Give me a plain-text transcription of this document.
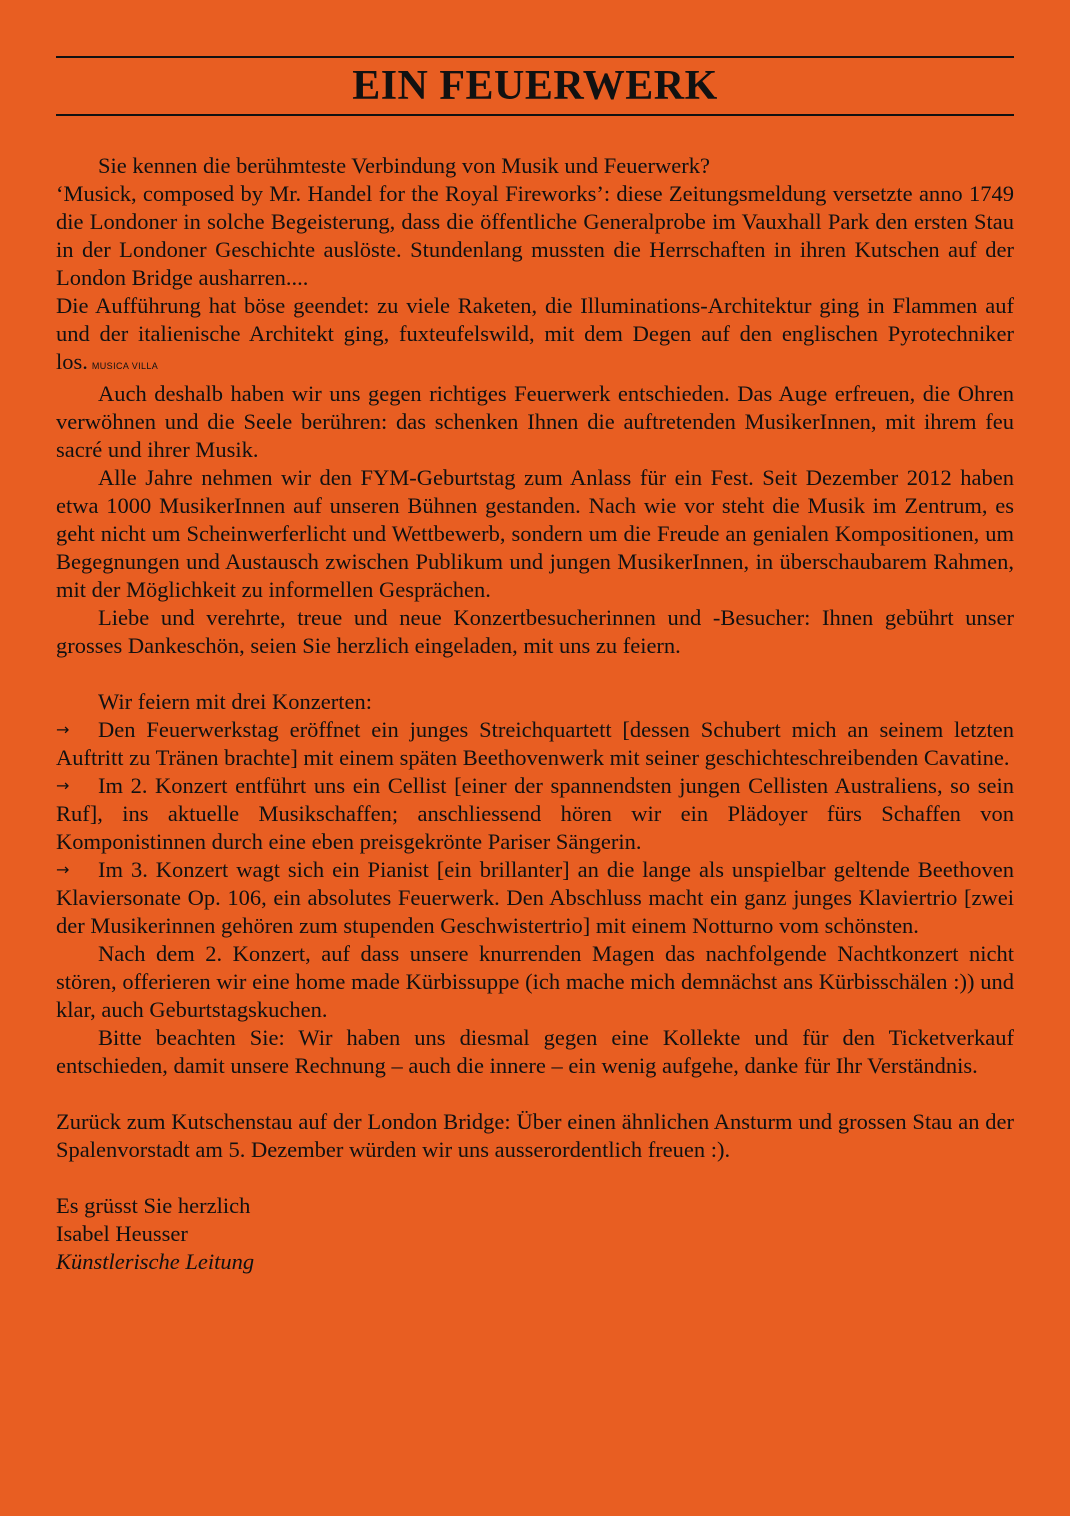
EIN FEUERWERK

Sie kennen die berühmteste Verbindung von Musik und Feuerwerk?

‘Musick, composed by Mr. Handel for the Royal Fireworks’: diese Zeitungsmeldung versetzte anno 1749 die Londoner in solche Begeisterung, dass die öffentliche Generalprobe im Vauxhall Park den ersten Stau in der Londoner Geschichte auslöste. Stundenlang mussten die Herrschaften in ihren Kutschen auf der London Bridge ausharren....

Die Aufführung hat böse geendet: zu viele Raketen, die Illuminations-Architektur ging in Flammen auf und der italienische Architekt ging, fuxteufelswild, mit dem Degen auf den englischen Pyrotechniker los. MUSICA VILLA

Auch deshalb haben wir uns gegen richtiges Feuerwerk entschieden. Das Auge erfreuen, die Ohren verwöhnen und die Seele berühren: das schenken Ihnen die auftretenden MusikerInnen, mit ihrem feu sacré und ihrer Musik.

Alle Jahre nehmen wir den FYM-Geburtstag zum Anlass für ein Fest. Seit Dezember 2012 haben etwa 1000 MusikerInnen auf unseren Bühnen gestanden. Nach wie vor steht die Musik im Zentrum, es geht nicht um Scheinwerferlicht und Wettbewerb, sondern um die Freude an genialen Kompositionen, um Begegnungen und Austausch zwischen Publikum und jungen MusikerInnen, in überschaubarem Rahmen, mit der Möglichkeit zu informellen Gesprächen.

Liebe und verehrte, treue und neue Konzertbesucherinnen und -Besucher: Ihnen gebührt unser grosses Dankeschön, seien Sie herzlich eingeladen, mit uns zu feiern.

Wir feiern mit drei Konzerten:

→ Den Feuerwerkstag eröffnet ein junges Streichquartett [dessen Schubert mich an seinem letzten Auftritt zu Tränen brachte] mit einem späten Beethovenwerk mit seiner geschichteschreibenden Cavatine.

→ Im 2. Konzert entführt uns ein Cellist [einer der spannendsten jungen Cellisten Australiens, so sein Ruf], ins aktuelle Musikschaffen; anschliessend hören wir ein Plädoyer fürs Schaffen von Komponistinnen durch eine eben preisgekrönte Pariser Sängerin.

→ Im 3. Konzert wagt sich ein Pianist [ein brillanter] an die lange als unspielbar geltende Beethoven Klaviersonate Op. 106, ein absolutes Feuerwerk. Den Abschluss macht ein ganz junges Klaviertrio [zwei der Musikerinnen gehören zum stupenden Geschwistertrio] mit einem Notturno vom schönsten.

Nach dem 2. Konzert, auf dass unsere knurrenden Magen das nachfolgende Nachtkonzert nicht stören, offerieren wir eine home made Kürbissuppe (ich mache mich demnächst ans Kürbisschälen :)) und klar, auch Geburtstagskuchen.

Bitte beachten Sie: Wir haben uns diesmal gegen eine Kollekte und für den Ticketverkauf entschieden, damit unsere Rechnung – auch die innere – ein wenig aufgehe, danke für Ihr Verständnis.

Zurück zum Kutschenstau auf der London Bridge: Über einen ähnlichen Ansturm und grossen Stau an der Spalenvorstadt am 5. Dezember würden wir uns ausserordentlich freuen :).

Es grüsst Sie herzlich

Isabel Heusser

Künstlerische Leitung
